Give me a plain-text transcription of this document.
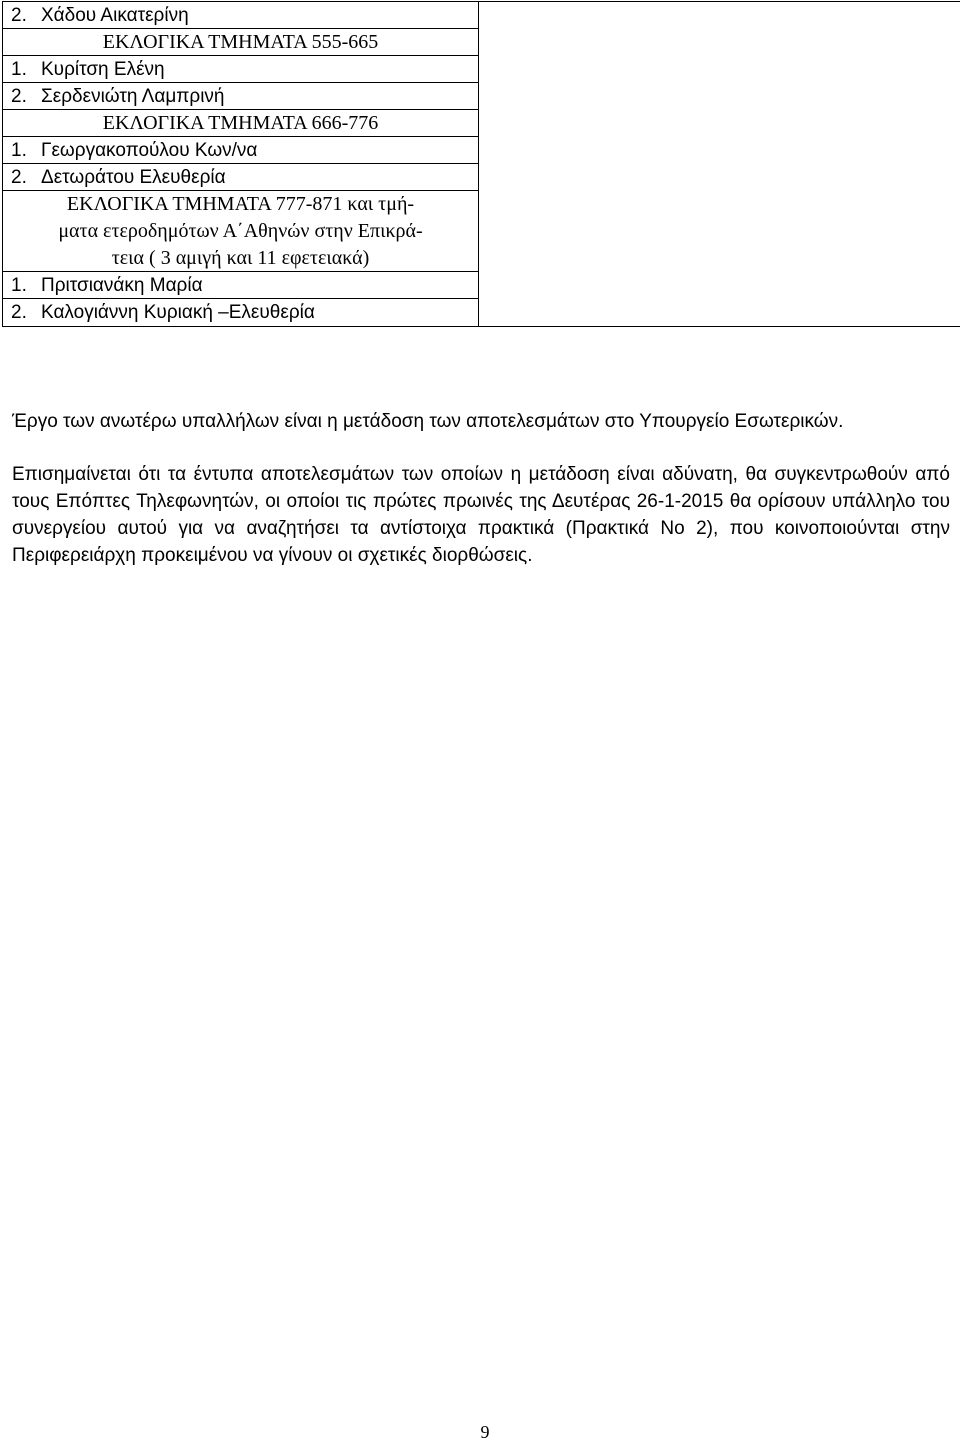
2. Χάδου Αικατερίνη
ΕΚΛΟΓΙΚΑ ΤΜΗΜΑΤΑ 555-665
1. Κυρίτση Ελένη
2. Σερδενιώτη Λαμπρινή
ΕΚΛΟΓΙΚΑ ΤΜΗΜΑΤΑ 666-776
1. Γεωργακοπούλου Κων/να
2. Δετωράτου Ελευθερία
ΕΚΛΟΓΙΚΑ ΤΜΗΜΑΤΑ 777-871 και τμή-
ματα ετεροδημότων Α΄Αθηνών στην Επικρά-
τεια ( 3 αμιγή και 11 εφετειακά)
1. Πριτσιανάκη Μαρία
2. Καλογιάννη Κυριακή –Ελευθερία

Έργο των ανωτέρω υπαλλήλων είναι η μετάδοση των αποτελεσμάτων στο Υπουργείο Εσωτερικών.
Επισημαίνεται ότι τα έντυπα αποτελεσμάτων των οποίων η μετάδοση είναι αδύνατη, θα συγκεντρωθούν από τους Επόπτες Τηλεφωνητών, οι οποίοι τις πρώτες πρωινές της Δευτέρας 26-1-2015 θα ορίσουν υπάλληλο του συνεργείου αυτού για να αναζητήσει τα αντίστοιχα πρακτικά (Πρακτικά Νο 2), που κοινοποιούνται στην Περιφερειάρχη προκειμένου να γίνουν οι σχετικές διορθώσεις.
9
